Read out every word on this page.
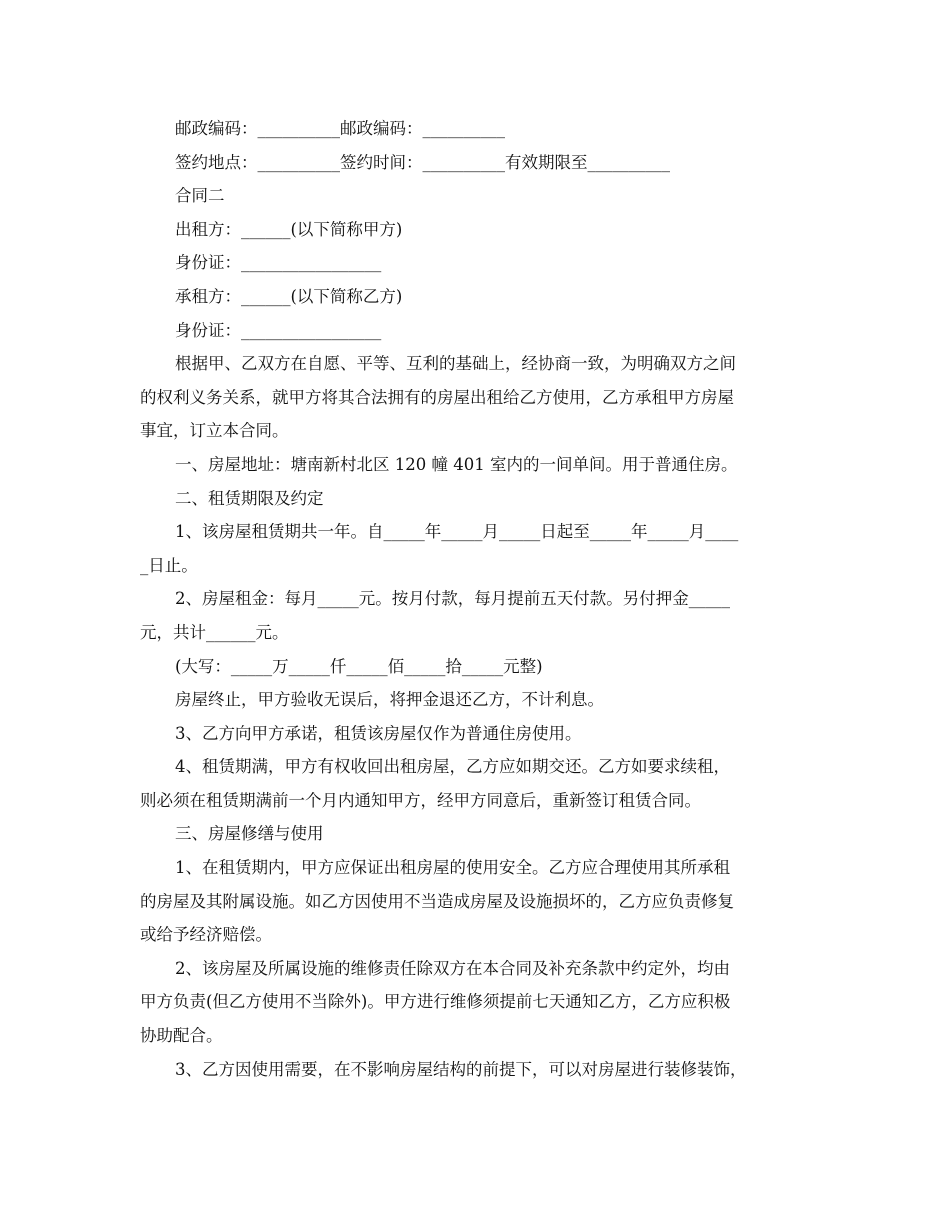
邮政编码：__________邮政编码：__________

签约地点：__________签约时间：__________有效期限至__________

合同二

出租方：______(以下简称甲方)

身份证：_________________

承租方：______(以下简称乙方)

身份证：_________________

根据甲、乙双方在自愿、平等、互利的基础上，经协商一致，为明确双方之间

的权利义务关系，就甲方将其合法拥有的房屋出租给乙方使用，乙方承租甲方房屋

事宜，订立本合同。

一、房屋地址：塘南新村北区 120 幢 401 室内的一间单间。用于普通住房。

二、租赁期限及约定

1、该房屋租赁期共一年。自_____年_____月_____日起至_____年_____月____

_日止。

2、房屋租金：每月_____元。按月付款，每月提前五天付款。另付押金_____

元，共计______元。

(大写：_____万_____仟_____佰_____拾_____元整)

房屋终止，甲方验收无误后，将押金退还乙方，不计利息。

3、乙方向甲方承诺，租赁该房屋仅作为普通住房使用。

4、租赁期满，甲方有权收回出租房屋，乙方应如期交还。乙方如要求续租，

则必须在租赁期满前一个月内通知甲方，经甲方同意后，重新签订租赁合同。

三、房屋修缮与使用

1、在租赁期内，甲方应保证出租房屋的使用安全。乙方应合理使用其所承租

的房屋及其附属设施。如乙方因使用不当造成房屋及设施损坏的，乙方应负责修复

或给予经济赔偿。

2、该房屋及所属设施的维修责任除双方在本合同及补充条款中约定外，均由

甲方负责(但乙方使用不当除外)。甲方进行维修须提前七天通知乙方，乙方应积极

协助配合。

3、乙方因使用需要，在不影响房屋结构的前提下，可以对房屋进行装修装饰，
